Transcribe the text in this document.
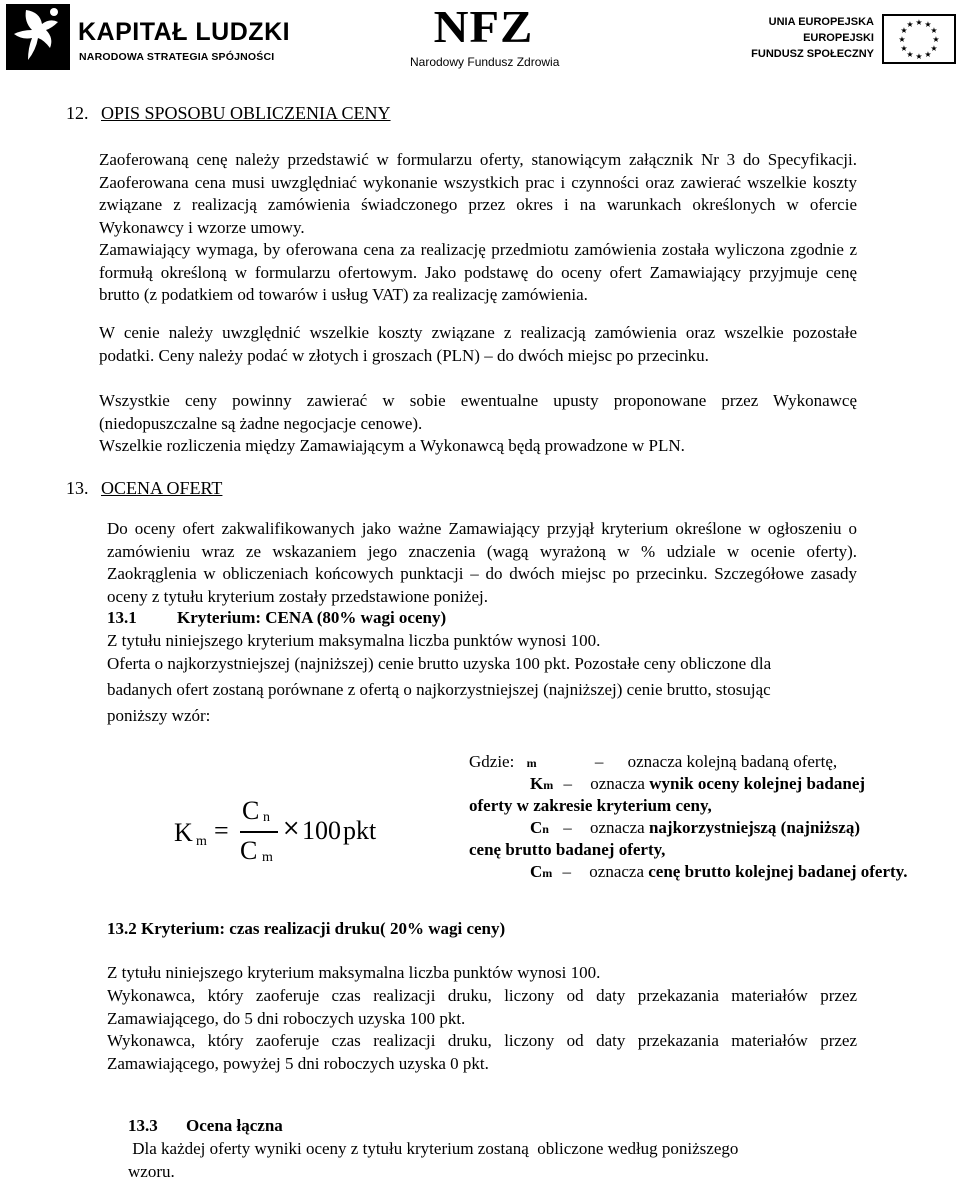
KAPITAŁ LUDZKI
NARODOWA STRATEGIA SPÓJNOŚCI
NFZ
Narodowy Fundusz Zdrowia
UNIA EUROPEJSKA
EUROPEJSKI
FUNDUSZ SPOŁECZNY
★ ★
★
★
★
★
★
★
★
★
★
★
12. OPIS SPOSOBU OBLICZENIA CENY

Zaoferowaną cenę należy przedstawić w formularzu oferty, stanowiącym załącznik Nr 3 do Specyfikacji. Zaoferowana cena musi uwzględniać wykonanie wszystkich prac i czynności oraz zawierać wszelkie koszty związane z realizacją zamówienia świadczonego przez okres i na warunkach określonych w ofercie Wykonawcy i wzorze umowy.

Zamawiający wymaga, by oferowana cena za realizację przedmiotu zamówienia została wyliczona zgodnie z formułą określoną w formularzu ofertowym. Jako podstawę do oceny ofert Zamawiający przyjmuje cenę brutto (z podatkiem od towarów i usług VAT) za realizację zamówienia.

W cenie należy uwzględnić wszelkie koszty związane z realizacją zamówienia oraz wszelkie pozostałe podatki. Ceny należy podać w złotych i groszach (PLN) – do dwóch miejsc po przecinku.

Wszystkie ceny powinny zawierać w sobie ewentualne upusty proponowane przez Wykonawcę (niedopuszczalne są żadne negocjacje cenowe).

Wszelkie rozliczenia między Zamawiającym a Wykonawcą będą prowadzone w PLN.

13. OCENA OFERT

Do oceny ofert zakwalifikowanych jako ważne Zamawiający przyjął kryterium określone w ogłoszeniu o zamówieniu wraz ze wskazaniem jego znaczenia (wagą wyrażoną w % udziale w ocenie oferty). Zaokrąglenia w obliczeniach końcowych punktacji – do dwóch miejsc po przecinku. Szczegółowe zasady oceny z tytułu kryterium zostały przedstawione poniżej.

13.1 Kryterium: CENA (80% wagi oceny)
Z tytułu niniejszego kryterium maksymalna liczba punktów wynosi 100.
Oferta o najkorzystniejszej (najniższej) cenie brutto uzyska 100 pkt. Pozostałe ceny obliczone dla
badanych ofert zostaną porównane z ofertą o najkorzystniejszej (najniższej) cenie brutto, stosując
poniższy wzór:
K m =
C n
C m
× 100 pkt
Gdzie: m	– oznacza kolejną badaną ofertę,
Km – oznacza wynik oceny kolejnej badanej
oferty w zakresie kryterium ceny,
Cn – oznacza najkorzystniejszą (najniższą)
cenę brutto badanej oferty,
Cm – oznacza cenę brutto kolejnej badanej oferty.
13.2 Kryterium: czas realizacji druku( 20% wagi ceny)
Z tytułu niniejszego kryterium maksymalna liczba punktów wynosi 100.

Wykonawca, który zaoferuje czas realizacji druku, liczony od daty przekazania materiałów przez Zamawiającego, do 5 dni roboczych uzyska 100 pkt.

Wykonawca, który zaoferuje czas realizacji druku, liczony od daty przekazania materiałów przez Zamawiającego, powyżej 5 dni roboczych uzyska 0 pkt.

13.3 Ocena łączna
Dla każdej oferty wyniki oceny z tytułu kryterium zostaną  obliczone według poniższego
wzoru.
